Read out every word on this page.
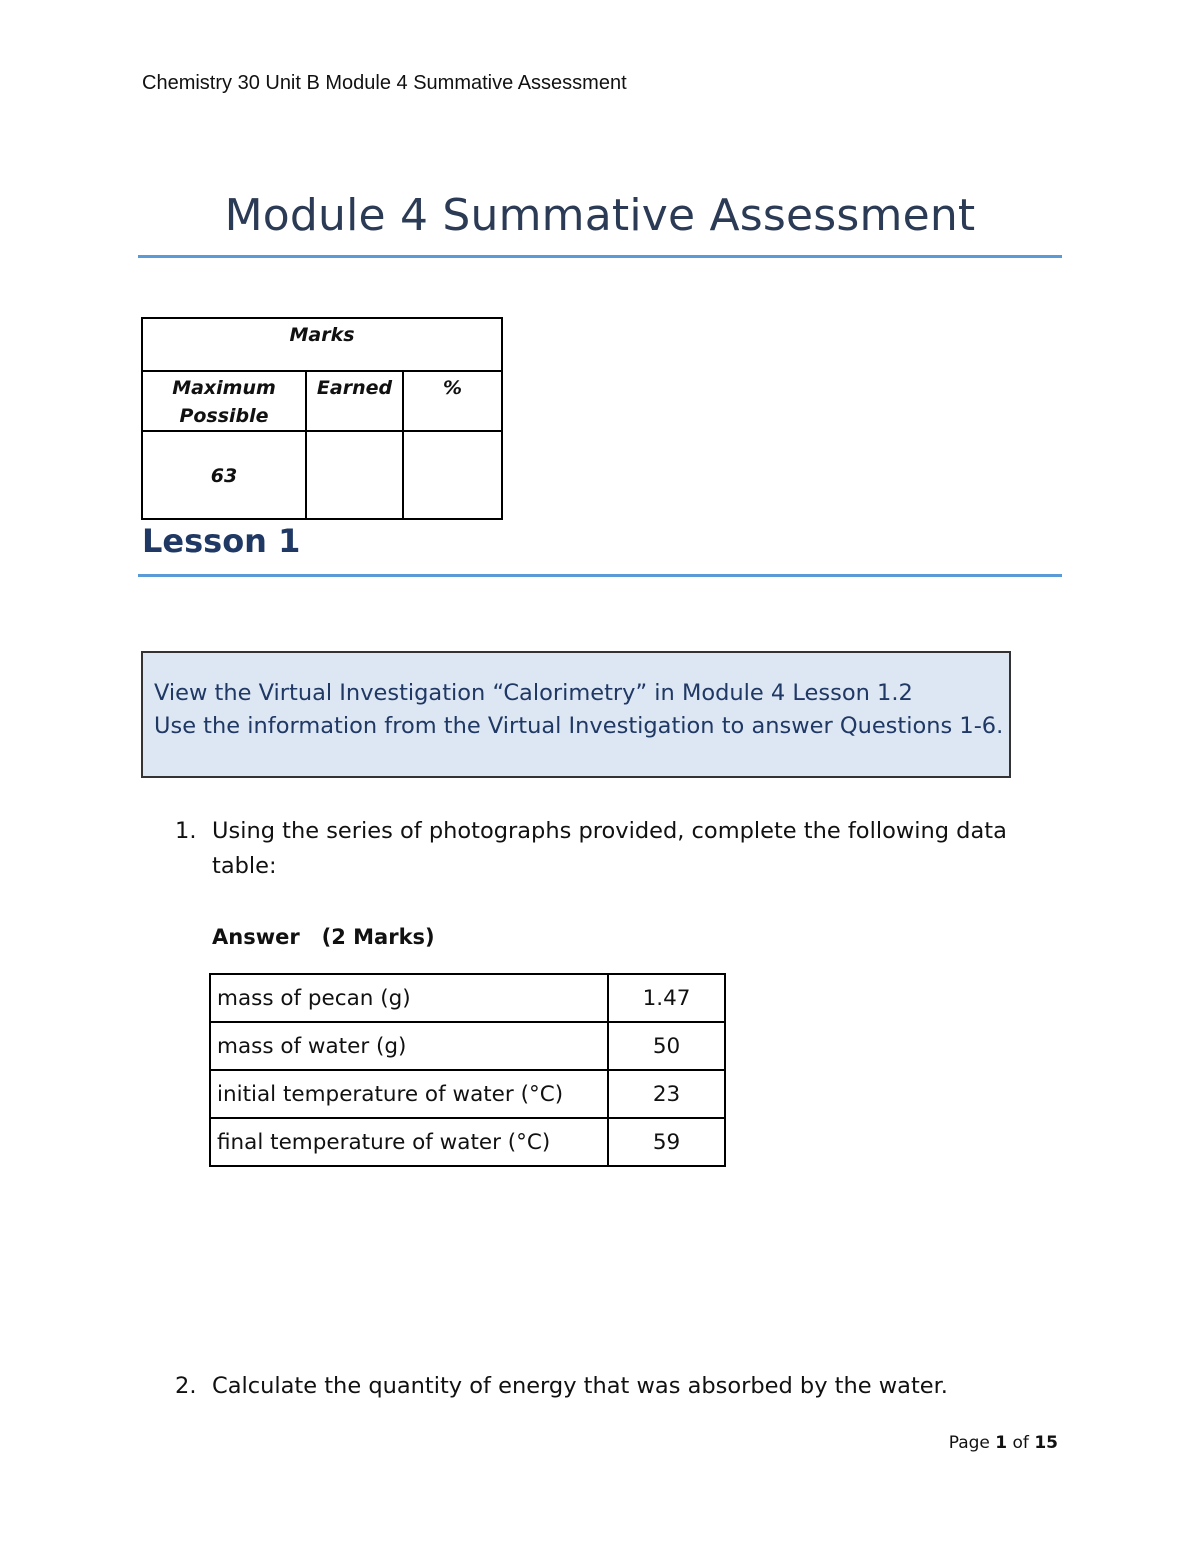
Chemistry 30 Unit B Module 4 Summative Assessment
Module 4 Summative Assessment
Marks		
Maximum Possible	Earned	%
63		
Lesson 1
View the Virtual Investigation “Calorimetry” in Module 4 Lesson 1.2
Use the information from the Virtual Investigation to answer Questions 1-6.
1. Using the series of photographs provided, complete the following data table:
Answer   (2 Marks)
mass of pecan (g)	1.47
mass of water (g)	50
initial temperature of water (°C)	23
final temperature of water (°C)	59
2. Calculate the quantity of energy that was absorbed by the water.
Page 1 of 15
